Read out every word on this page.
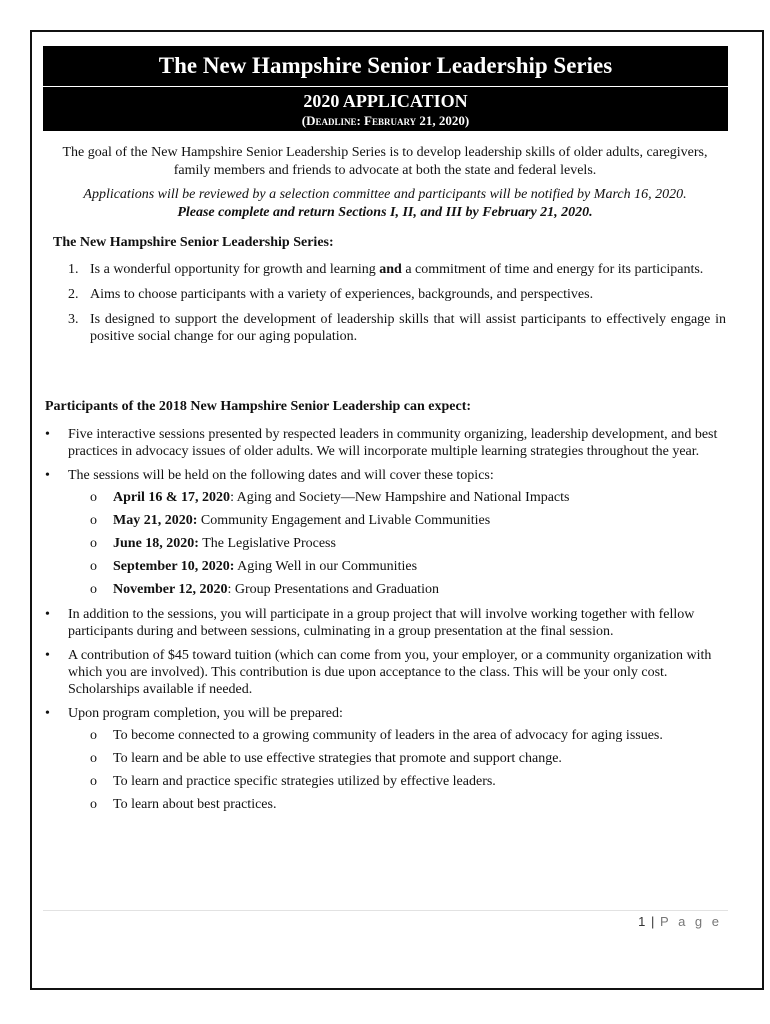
The New Hampshire Senior Leadership Series
2020 APPLICATION
(Deadline: February 21, 2020)
The goal of the New Hampshire Senior Leadership Series is to develop leadership skills of older adults, caregivers, family members and friends to advocate at both the state and federal levels.
Applications will be reviewed by a selection committee and participants will be notified by March 16, 2020.
Please complete and return Sections I, II, and III by February 21, 2020.
The New Hampshire Senior Leadership Series:
1. Is a wonderful opportunity for growth and learning and a commitment of time and energy for its participants.
2. Aims to choose participants with a variety of experiences, backgrounds, and perspectives.
3. Is designed to support the development of leadership skills that will assist participants to effectively engage in positive social change for our aging population.
Participants of the 2018 New Hampshire Senior Leadership can expect:
• Five interactive sessions presented by respected leaders in community organizing, leadership development, and best practices in advocacy issues of older adults. We will incorporate multiple learning strategies throughout the year.
• The sessions will be held on the following dates and will cover these topics:
o April 16 & 17, 2020: Aging and Society—New Hampshire and National Impacts
o May 21, 2020: Community Engagement and Livable Communities
o June 18, 2020: The Legislative Process
o September 10, 2020: Aging Well in our Communities
o November 12, 2020: Group Presentations and Graduation
• In addition to the sessions, you will participate in a group project that will involve working together with fellow participants during and between sessions, culminating in a group presentation at the final session.
• A contribution of $45 toward tuition (which can come from you, your employer, or a community organization with which you are involved). This contribution is due upon acceptance to the class. This will be your only cost. Scholarships available if needed.
• Upon program completion, you will be prepared:
o To become connected to a growing community of leaders in the area of advocacy for aging issues.
o To learn and be able to use effective strategies that promote and support change.
o To learn and practice specific strategies utilized by effective leaders.
o To learn about best practices.
1 | P a g e
